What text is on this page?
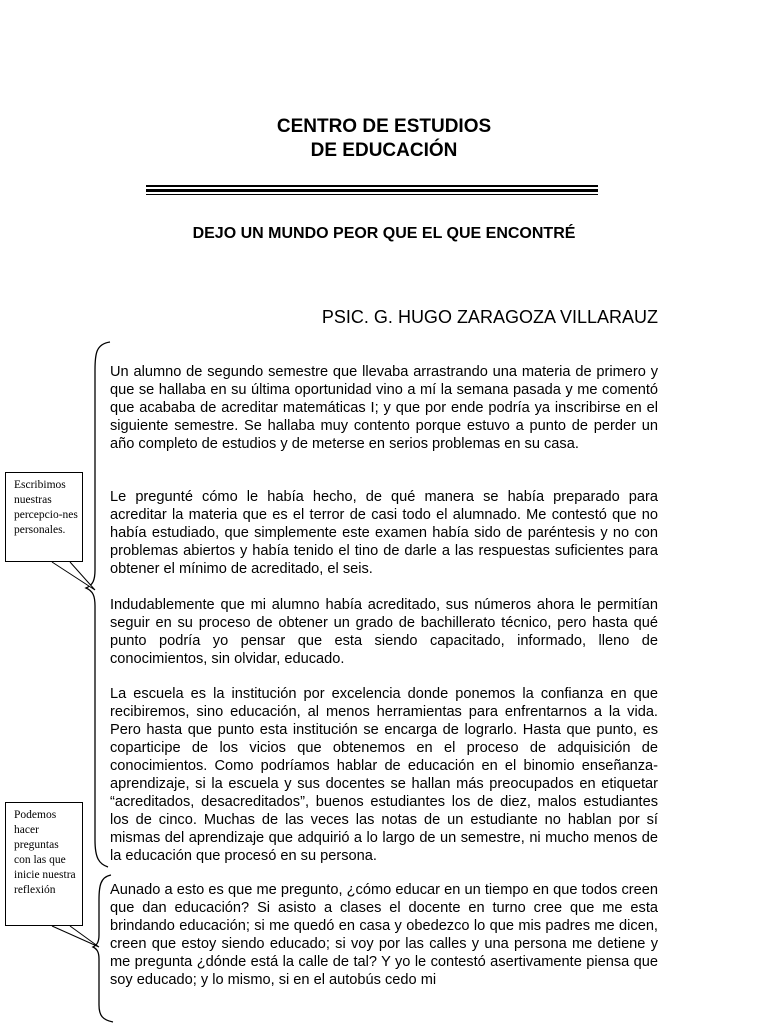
CENTRO DE ESTUDIOS
DE EDUCACIÓN
DEJO UN MUNDO PEOR QUE EL QUE ENCONTRÉ
PSIC. G. HUGO ZARAGOZA VILLARAUZ

Un alumno de segundo semestre que llevaba arrastrando una materia de primero y que se hallaba en su última oportunidad vino a mí la semana pasada y me comentó que acababa de acreditar matemáticas I; y que por ende podría ya inscribirse en el siguiente semestre. Se hallaba muy contento porque estuvo a punto de perder un año completo de estudios y de meterse en serios problemas en su casa.

Le pregunté cómo le había hecho, de qué manera se había preparado para acreditar la materia que es el terror de casi todo el alumnado. Me contestó que no había estudiado, que simplemente este examen había sido de paréntesis y no con problemas abiertos y había tenido el tino de darle a las respuestas suficientes para obtener el mínimo de acreditado, el seis.

Indudablemente que mi alumno había acreditado, sus números ahora le permitían seguir en su proceso de obtener un grado de bachillerato técnico, pero hasta qué punto podría yo pensar que esta siendo capacitado, informado, lleno de conocimientos, sin olvidar, educado.

La escuela es la institución por excelencia donde ponemos la confianza en que recibiremos, sino educación, al menos herramientas para enfrentarnos a la vida. Pero hasta que punto esta institución se encarga de lograrlo. Hasta que punto, es coparticipe de los vicios que obtenemos en el proceso de adquisición de conocimientos. Como podríamos hablar de educación en el binomio enseñanza-aprendizaje, si la escuela y sus docentes se hallan más preocupados en etiquetar “acreditados, desacreditados”, buenos estudiantes los de diez, malos estudiantes los de cinco. Muchas de las veces las notas de un estudiante no hablan por sí mismas del aprendizaje que adquirió a lo largo de un semestre, ni mucho menos de la educación que procesó en su persona.

Aunado a esto es que me pregunto, ¿cómo educar en un tiempo en que todos creen que dan educación? Si asisto a clases el docente en turno cree que me esta brindando educación; si me quedó en casa y obedezco lo que mis padres me dicen, creen que estoy siendo educado; si voy por las calles y una persona me detiene y me pregunta ¿dónde está la calle de tal? Y yo le contestó asertivamente piensa que soy educado; y lo mismo, si en el autobús cedo mi

Escribimos nuestras percepcio-nes personales.
Podemos hacer preguntas con las que inicie nuestra reflexión
